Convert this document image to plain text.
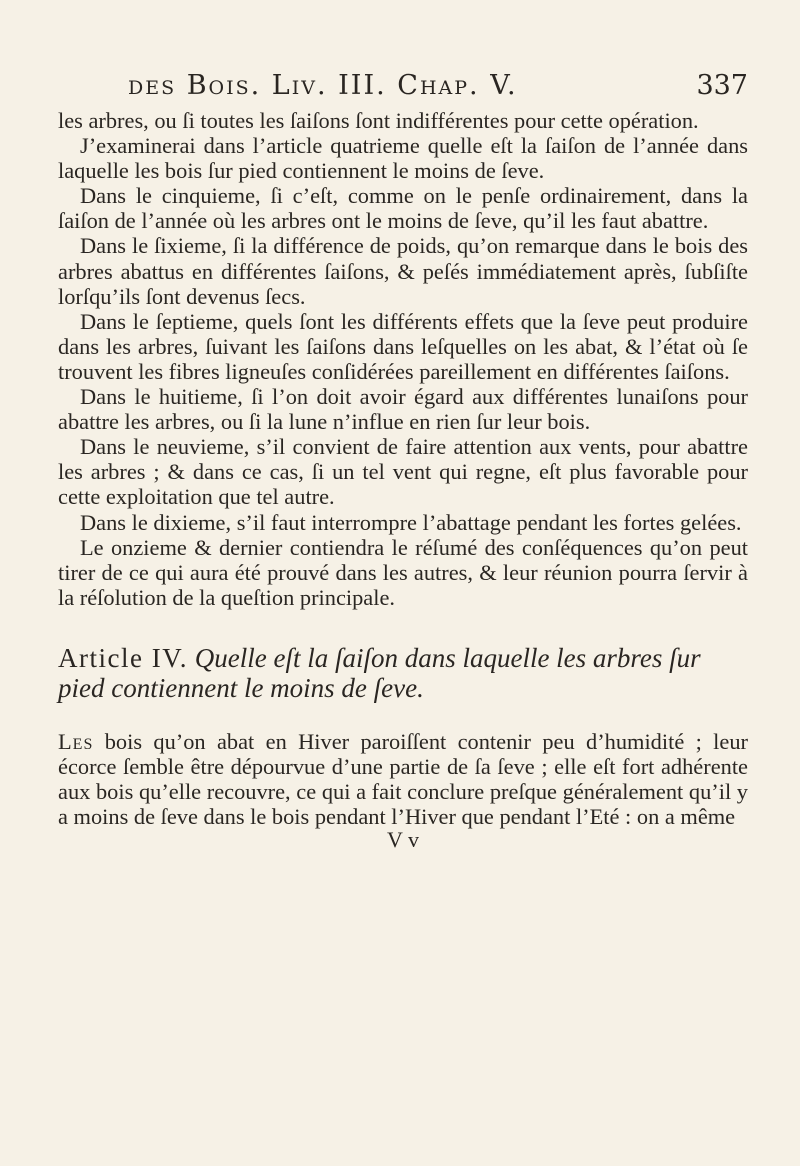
des Bois. Liv. III. Chap. V.	337

les arbres, ou ſi toutes les ſaiſons ſont indifférentes pour cette opération.

J’examinerai dans l’article quatrieme quelle eſt la ſaiſon de l’année dans laquelle les bois ſur pied contiennent le moins de ſeve.

Dans le cinquieme, ſi c’eſt, comme on le penſe ordinairement, dans la ſaiſon de l’année où les arbres ont le moins de ſeve, qu’il les faut abattre.

Dans le ſixieme, ſi la différence de poids, qu’on remarque dans le bois des arbres abattus en différentes ſaiſons, & peſés immédiatement après, ſubſiſte lorſqu’ils ſont devenus ſecs.

Dans le ſeptieme, quels ſont les différents effets que la ſeve peut produire dans les arbres, ſuivant les ſaiſons dans leſquelles on les abat, & l’état où ſe trouvent les fibres ligneuſes conſidérées pareillement en différentes ſaiſons.

Dans le huitieme, ſi l’on doit avoir égard aux différentes lunaiſons pour abattre les arbres, ou ſi la lune n’influe en rien ſur leur bois.

Dans le neuvieme, s’il convient de faire attention aux vents, pour abattre les arbres ; & dans ce cas, ſi un tel vent qui regne, eſt plus favorable pour cette exploitation que tel autre.

Dans le dixieme, s’il faut interrompre l’abattage pendant les fortes gelées.

Le onzieme & dernier contiendra le réſumé des conſéquences qu’on peut tirer de ce qui aura été prouvé dans les autres, & leur réunion pourra ſervir à la réſolution de la queſtion principale.

Article IV. Quelle eſt la ſaiſon dans laquelle les arbres ſur pied contiennent le moins de ſeve.

Les bois qu’on abat en Hiver paroiſſent contenir peu d’humidité ; leur écorce ſemble être dépourvue d’une partie de ſa ſeve ; elle eſt fort adhérente aux bois qu’elle recouvre, ce qui a fait conclure preſque généralement qu’il y a moins de ſeve dans le bois pendant l’Hiver que pendant l’Eté : on a même

V v
